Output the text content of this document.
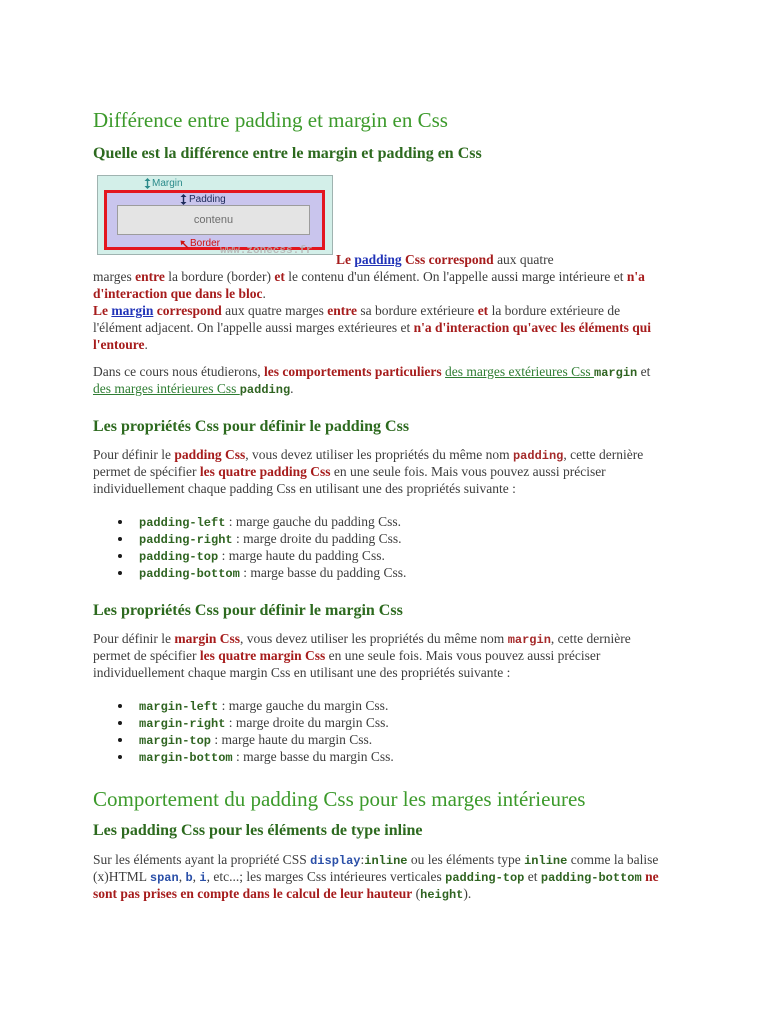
Différence entre padding et margin en Css
Quelle est la différence entre le margin et padding en Css

Margin
Padding
contenu
Border
www.zonecss.fr
Le padding Css correspond aux quatre
marges entre la bordure (border) et le contenu d'un élément. On l'appelle aussi marge intérieure et n'a d'interaction que dans le bloc.

Le margin correspond aux quatre marges entre sa bordure extérieure et la bordure extérieure de l'élément adjacent. On l'appelle aussi marges extérieures et n'a d'interaction qu'avec les éléments qui l'entoure.

Dans ce cours nous étudierons, les comportements particuliers des marges extérieures Css margin et des marges intérieures Css padding.

Les propriétés Css pour définir le padding Css

Pour définir le padding Css, vous devez utiliser les propriétés du même nom padding, cette dernière permet de spécifier les quatre padding Css en une seule fois. Mais vous pouvez aussi préciser individuellement chaque padding Css en utilisant une des propriétés suivante :

padding-left : marge gauche du padding Css.
padding-right : marge droite du padding Css.
padding-top : marge haute du padding Css.
padding-bottom : marge basse du padding Css.
Les propriétés Css pour définir le margin Css

Pour définir le margin Css, vous devez utiliser les propriétés du même nom margin, cette dernière permet de spécifier les quatre margin Css en une seule fois. Mais vous pouvez aussi préciser individuellement chaque margin Css en utilisant une des propriétés suivante :

margin-left : marge gauche du margin Css.
margin-right : marge droite du margin Css.
margin-top : marge haute du margin Css.
margin-bottom : marge basse du margin Css.
Comportement du padding Css pour les marges intérieures
Les padding Css pour les éléments de type inline

Sur les éléments ayant la propriété CSS display:inline ou les éléments type inline comme la balise (x)HTML span, b, i, etc...; les marges Css intérieures verticales padding-top et padding-bottom ne sont pas prises en compte dans le calcul de leur hauteur (height).
